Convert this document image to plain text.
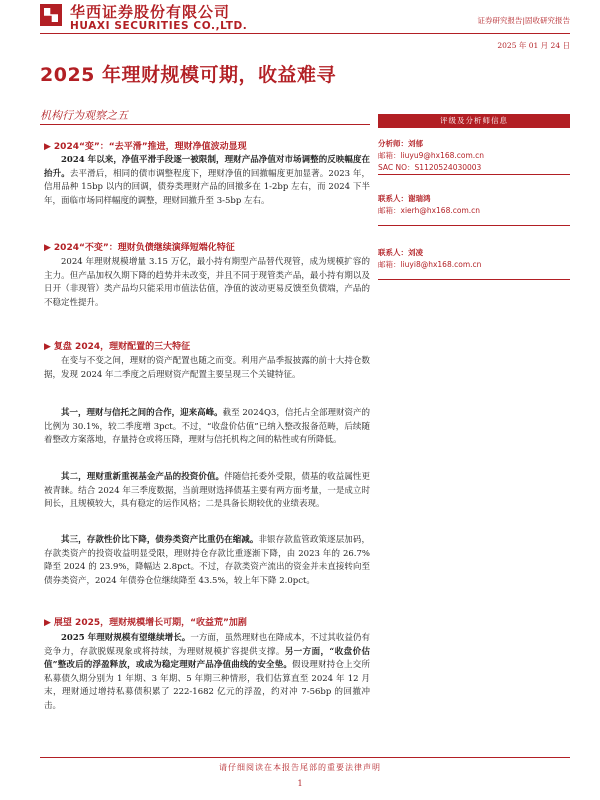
华西证券股份有限公司
HUAXI SECURITIES CO.,LTD.	证券研究报告|固收研究报告
2025 年 01 月 24 日
2025 年理财规模可期，收益难寻
机构行为观察之五	评级及分析师信息
分析师：刘郁
邮箱：liuyu9@hx168.com.cn
SAC NO：S1120524030003
联系人：谢瑞鸿
邮箱：xierh@hx168.com.cn
联系人：刘凌
邮箱：liuyi8@hx168.com.cn
▶ 2024“变”：“去平滑”推进，理财净值波动显现
2024 年以来，净值平滑手段逐一被限制，理财产品净值对市场调整的反映幅度在抬升。去平滑后，相同的债市调整程度下，理财净值的回撤幅度更加显著。2023 年，信用品种 15bp 以内的回调，债券类理财产品的回撤多在 1-2bp 左右，而 2024 下半年，面临市场同样幅度的调整，理财回撤升至 3-5bp 左右。
▶ 2024“不变”：理财负债继续演绎短端化特征
2024 年理财规模增量 3.15 万亿，最小持有期型产品替代现管，成为规模扩容的主力。但产品加权久期下降的趋势并未改变，并且不同于现管类产品，最小持有期以及日开（非现管）类产品均只能采用市值法估值，净值的波动更易反馈至负债端，产品的不稳定性提升。
▶ 复盘 2024，理财配置的三大特征
在变与不变之间，理财的资产配置也随之而变。利用产品季报披露的前十大持仓数据，发现 2024 年二季度之后理财资产配置主要呈现三个关键特征。
其一，理财与信托之间的合作，迎来高峰。截至 2024Q3，信托占全部理财资产的比例为 30.1%，较二季度增 3pct。不过，“收盘价估值”已纳入整改报备范畴，后续随着整改方案落地，存量持仓或将压降，理财与信托机构之间的粘性或有所降低。
其二，理财重新重视基金产品的投资价值。伴随信托委外受限，债基的收益属性更被青睐。结合 2024 年三季度数据，当前理财选择债基主要有两方面考量，一是成立时间长，且规模较大，具有稳定的运作风格；二是具备长期较优的业绩表现。
其三，存款性价比下降，债券类资产比重仍在缩减。非银存款监管政策逐层加码，存款类资产的投资收益明显受限，理财持仓存款比重逐渐下降，由 2023 年的 26.7% 降至 2024 的 23.9%，降幅达 2.8pct。不过，存款类资产流出的资金并未直接转向至债券类资产，2024 年债券仓位继续降至 43.5%，较上年下降 2.0pct。
▶ 展望 2025，理财规模增长可期，“收益荒”加剧
2025 年理财规模有望继续增长。一方面，虽然理财也在降成本，不过其收益仍有竞争力，存款脱媒现象或将持续，为理财规模扩容提供支撑。另一方面，“收盘价估值”整改后的浮盈释放，或成为稳定理财产品净值曲线的安全垫。假设理财持仓上交所私募债久期分别为 1 年期、3 年期、5 年期三种情形，我们估算直至 2024 年 12 月末，理财通过增持私募债积累了 222-1682 亿元的浮盈，约对冲 7-56bp 的回撤冲击。
请仔细阅读在本报告尾部的重要法律声明
1
